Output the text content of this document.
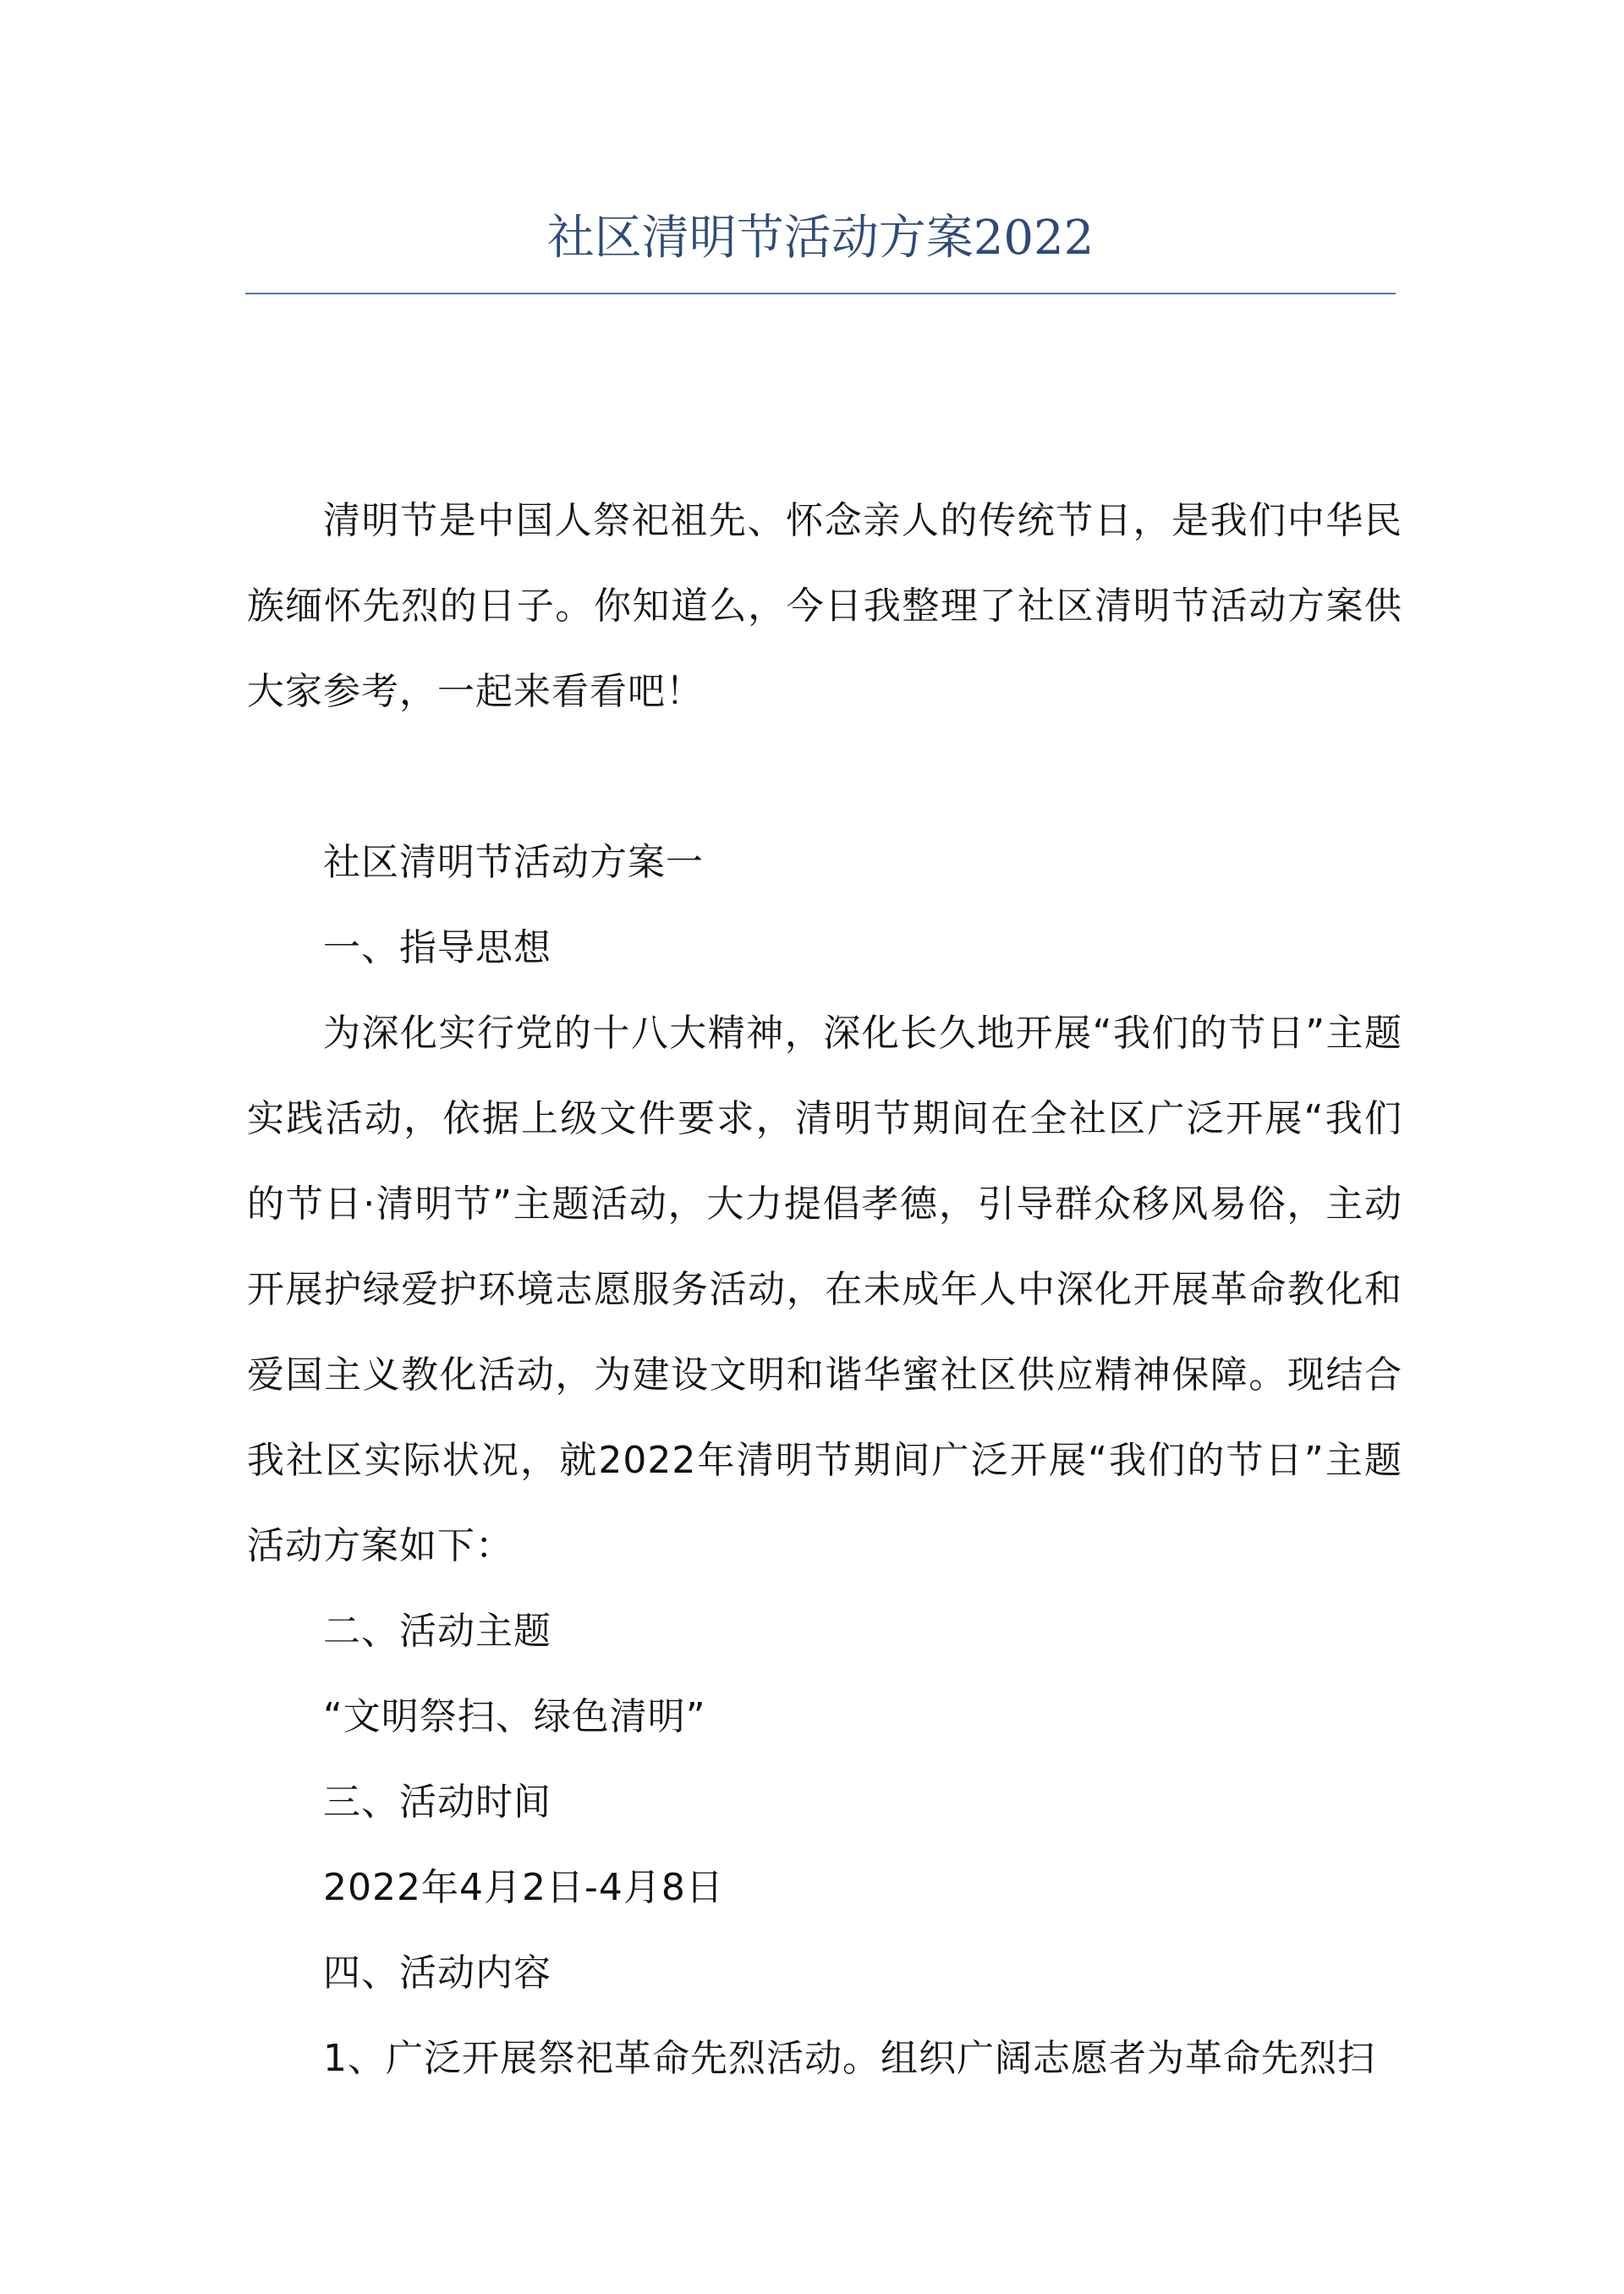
社区清明节活动方案2022

清明节是中国人祭祀祖先、怀念亲人的传统节日，是我们中华民族缅怀先烈的日子。你知道么，今日我整理了社区清明节活动方案供大家参考，一起来看看吧！

社区清明节活动方案一

一、指导思想

为深化实行党的十八大精神，深化长久地开展“我们的节日”主题实践活动，依据上级文件要求，清明节期间在全社区广泛开展“我们的节日·清明节”主题活动，大力提倡孝德，引导群众移风易俗，主动开展护绿爱护环境志愿服务活动，在未成年人中深化开展革命教化和爱国主义教化活动，为建设文明和谐华蜜社区供应精神保障。现结合我社区实际状况，就2022年清明节期间广泛开展“我们的节日”主题活动方案如下：

二、活动主题

“文明祭扫、绿色清明”

三、活动时间

2022年4月2日-4月8日

四、活动内容

1、广泛开展祭祀革命先烈活动。组织广阔志愿者为革命先烈扫
